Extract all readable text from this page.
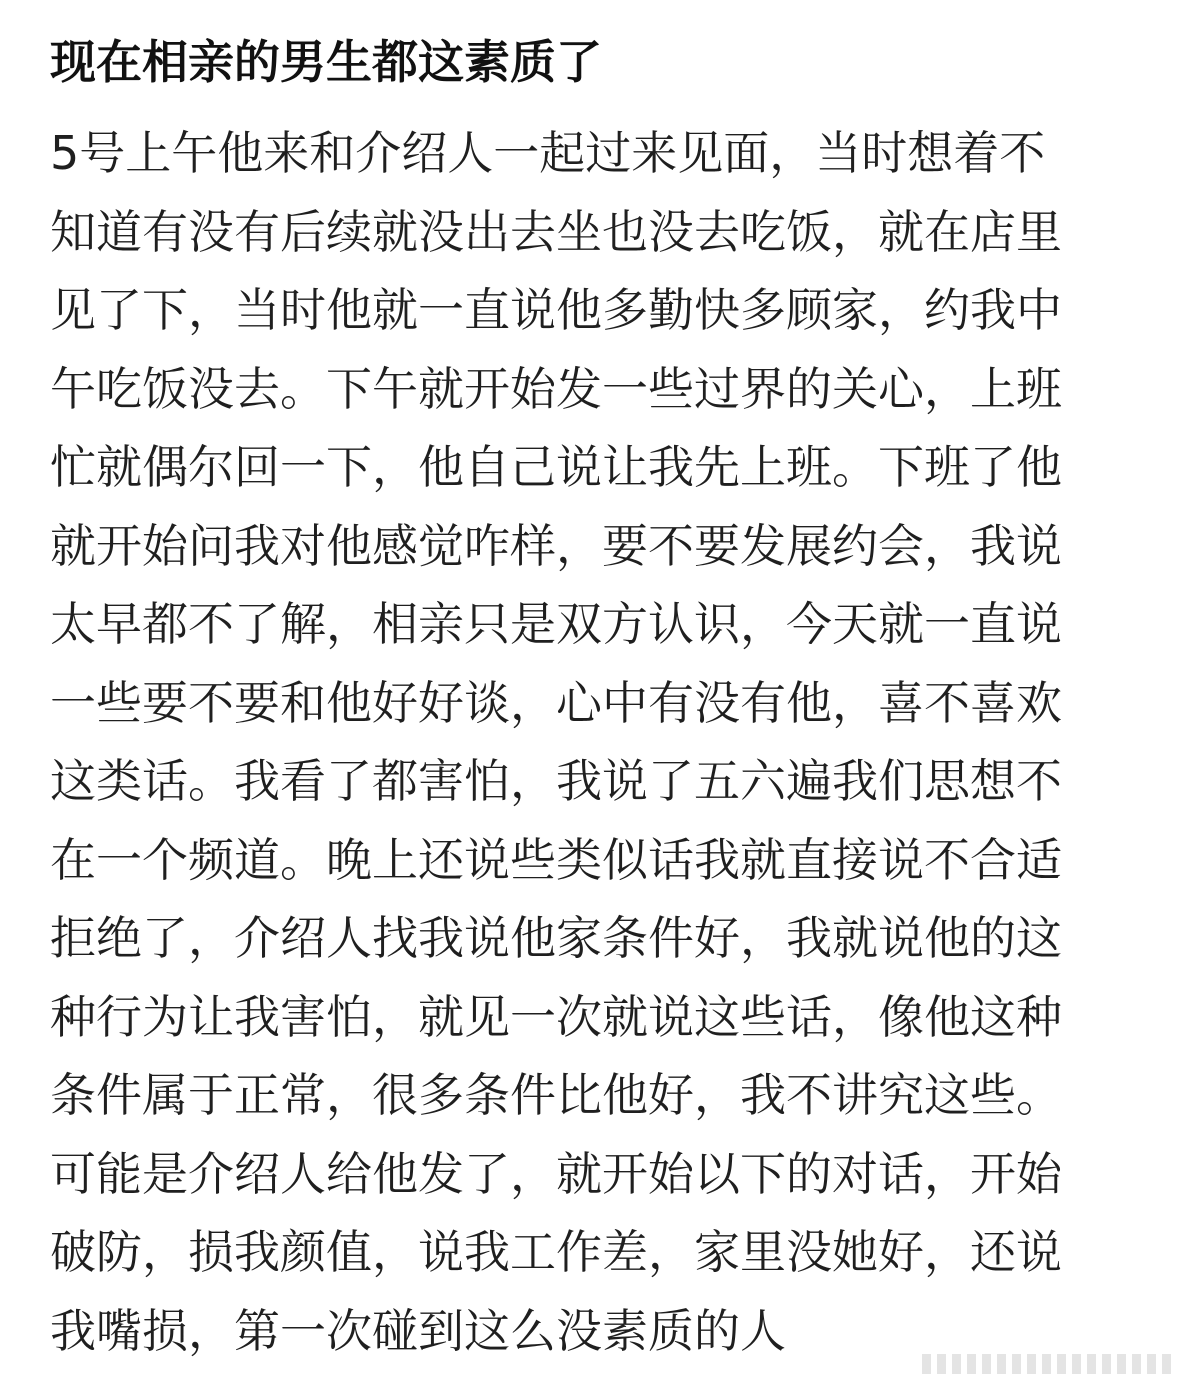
现在相亲的男生都这素质了
5号上午他来和介绍人一起过来见面，当时想着不
知道有没有后续就没出去坐也没去吃饭，就在店里
见了下，当时他就一直说他多勤快多顾家，约我中
午吃饭没去。下午就开始发一些过界的关心，上班
忙就偶尔回一下，他自己说让我先上班。下班了他
就开始问我对他感觉咋样，要不要发展约会，我说
太早都不了解，相亲只是双方认识，今天就一直说
一些要不要和他好好谈，心中有没有他，喜不喜欢
这类话。我看了都害怕，我说了五六遍我们思想不
在一个频道。晚上还说些类似话我就直接说不合适
拒绝了，介绍人找我说他家条件好，我就说他的这
种行为让我害怕，就见一次就说这些话，像他这种
条件属于正常，很多条件比他好，我不讲究这些。
可能是介绍人给他发了，就开始以下的对话，开始
破防，损我颜值，说我工作差，家里没她好，还说
我嘴损，第一次碰到这么没素质的人
